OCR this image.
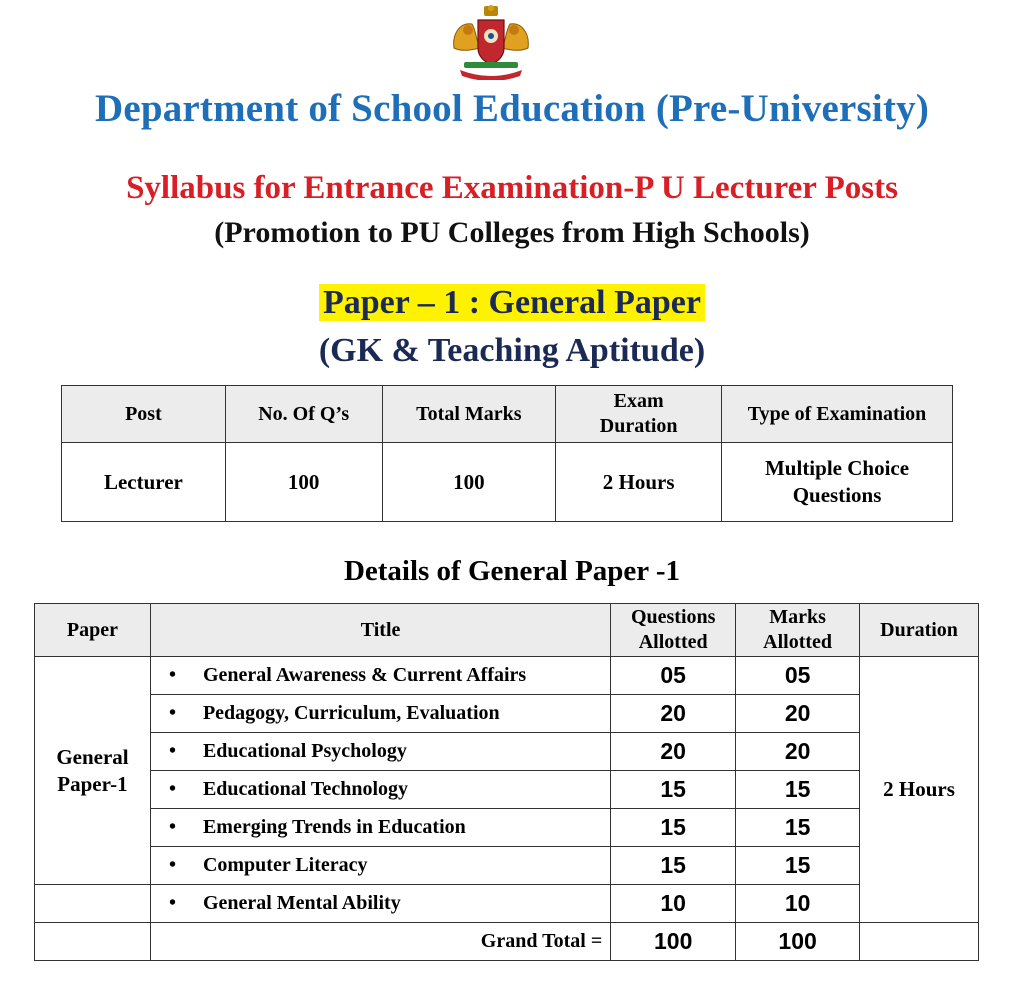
Department of School Education (Pre-University)
Syllabus for Entrance Examination-P U Lecturer Posts
(Promotion to PU Colleges from High Schools)
Paper – 1 : General Paper
(GK & Teaching Aptitude)
Post	No. Of Q’s	Total Marks	Exam Duration	Type of Examination
Lecturer	100	100	2 Hours	Multiple Choice Questions
Details of General Paper -1
Paper	Title	Questions Allotted	Marks Allotted	Duration

General Paper-1	• General Awareness & Current Affairs	05	05	2 Hours
	• Pedagogy, Curriculum, Evaluation	20	20	
	• Educational Psychology	20	20	
	• Educational Technology	15	15	
	• Emerging Trends in Education	15	15	
	• Computer Literacy	15	15	
	• General Mental Ability	10	10	
	Grand Total =	100	100	
